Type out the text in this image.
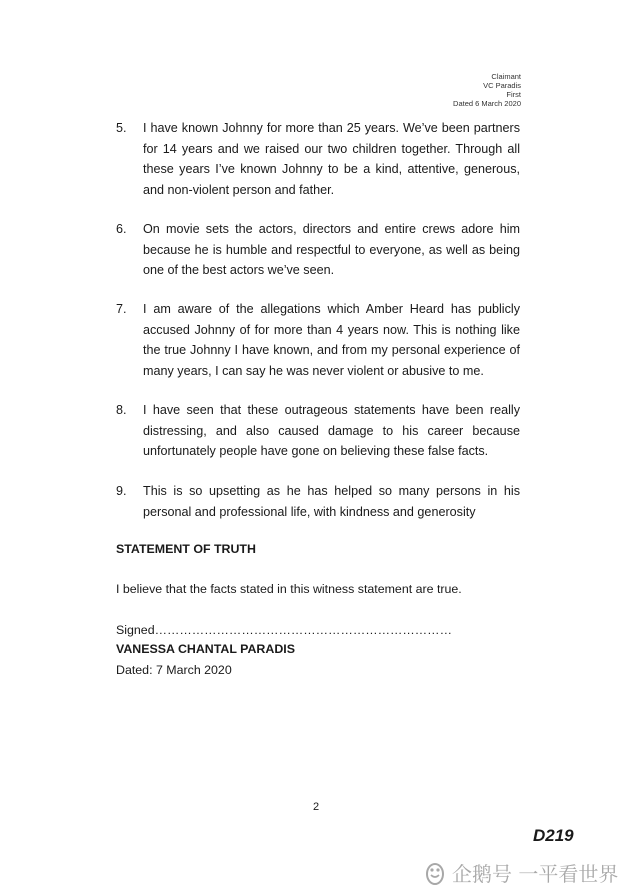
Claimant
VC Paradis
First
Dated 6 March 2020
5. I have known Johnny for more than 25 years. We’ve been partners for 14 years and we raised our two children together. Through all these years I’ve known Johnny to be a kind, attentive, generous, and non-violent person and father.
6. On movie sets the actors, directors and entire crews adore him because he is humble and respectful to everyone, as well as being one of the best actors we’ve seen.
7. I am aware of the allegations which Amber Heard has publicly accused Johnny of for more than 4 years now. This is nothing like the true Johnny I have known, and from my personal experience of many years, I can say he was never violent or abusive to me.
8. I have seen that these outrageous statements have been really distressing, and also caused damage to his career because unfortunately people have gone on believing these false facts.
9. This is so upsetting as he has helped so many persons in his personal and professional life, with kindness and generosity
STATEMENT OF TRUTH
I believe that the facts stated in this witness statement are true.
Signed………………………………………………………………
VANESSA CHANTAL PARADIS
Dated: 7 March 2020
2
D219
企鹅号 一平看世界
